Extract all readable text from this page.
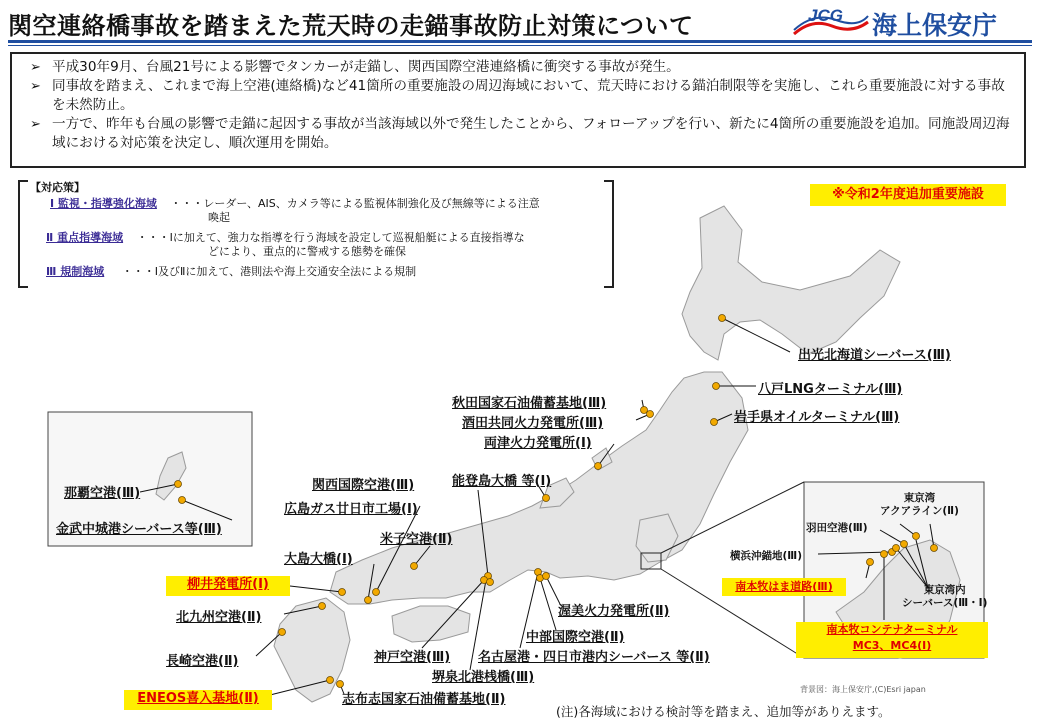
関空連絡橋事故を踏まえた荒天時の走錨事故防止対策について	JCG 海上保安庁
➢ 平成30年9月、台風21号による影響でタンカーが走錨し、関西国際空港連絡橋に衝突する事故が発生。
➢ 同事故を踏まえ、これまで海上空港(連絡橋)など41箇所の重要施設の周辺海域において、荒天時における錨泊制限等を実施し、これら重要施設に対する事故を未然防止。
➢ 一方で、昨年も台風の影響で走錨に起因する事故が当該海域以外で発生したことから、フォローアップを行い、新たに4箇所の重要施設を追加。同施設周辺海域における対応策を決定し、順次運用を開始。
【対応策】
Ⅰ 監視・指導強化海域 ・・・レーダー、AIS、カメラ等による監視体制強化及び無線等による注意
喚起
Ⅱ 重点指導海域 ・・・Ⅰに加えて、強力な指導を行う海域を設定して巡視船艇による直接指導な
どにより、重点的に警戒する態勢を確保
Ⅲ 規制海域 ・・・Ⅰ及びⅡに加えて、港則法や海上交通安全法による規制
※令和2年度追加重要施設
出光北海道シーバース(Ⅲ)
八戸LNGターミナル(Ⅲ)
岩手県オイルターミナル(Ⅲ)
秋田国家石油備蓄基地(Ⅲ)
酒田共同火力発電所(Ⅲ)
両津火力発電所(Ⅰ)
能登島大橋 等(Ⅰ)
関西国際空港(Ⅲ)
広島ガス廿日市工場(Ⅰ)
米子空港(Ⅱ)
大島大橋(Ⅰ)
柳井発電所(Ⅰ)
北九州空港(Ⅱ)
長崎空港(Ⅱ)
ENEOS喜入基地(Ⅱ)	志布志国家石油備蓄基地(Ⅱ)
堺泉北港桟橋(Ⅲ)
神戸空港(Ⅲ) 名古屋港・四日市港内シーバース 等(Ⅱ)
中部国際空港(Ⅱ)
渥美火力発電所(Ⅱ)
那覇空港(Ⅲ)
金武中城港シーバース等(Ⅲ)
東京湾
アクアライン(Ⅱ)
羽田空港(Ⅲ)
横浜沖錨地(Ⅲ)
南本牧はま道路(Ⅲ)	東京湾内
シーバース(Ⅲ・Ⅰ)
南本牧コンテナターミナル
MC3、MC4(Ⅰ)
背景図：海上保安庁,(C)Esri japan
(注)各海域における検討等を踏まえ、追加等がありえます。
